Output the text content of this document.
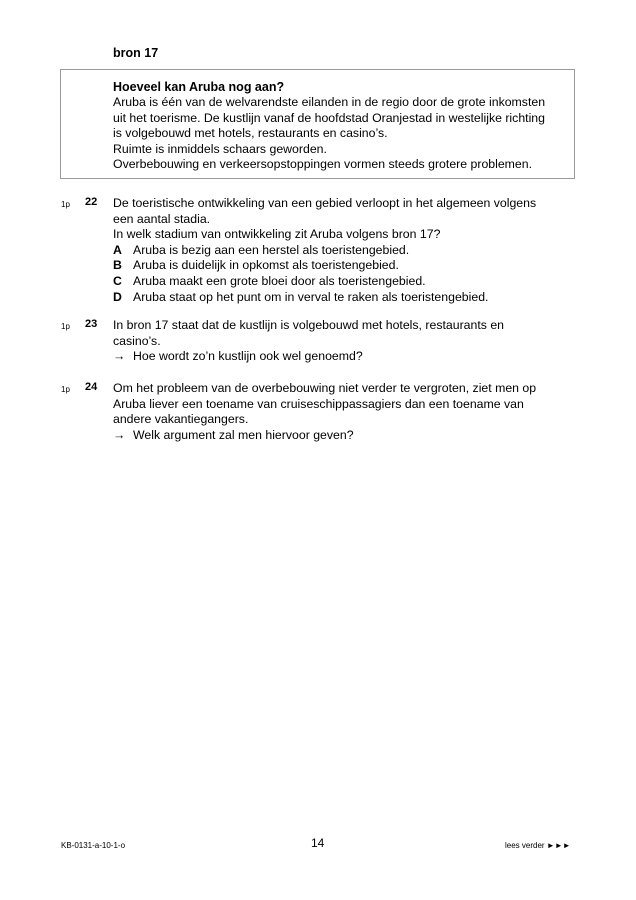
bron 17
Hoeveel kan Aruba nog aan?
Aruba is één van de welvarendste eilanden in de regio door de grote inkomsten
uit het toerisme. De kustlijn vanaf de hoofdstad Oranjestad in westelijke richting
is volgebouwd met hotels, restaurants en casino’s.
Ruimte is inmiddels schaars geworden.
Overbebouwing en verkeersopstoppingen vormen steeds grotere problemen.
1p 22 De toeristische ontwikkeling van een gebied verloopt in het algemeen volgens
een aantal stadia.
In welk stadium van ontwikkeling zit Aruba volgens bron 17?
A Aruba is bezig aan een herstel als toeristengebied.
B Aruba is duidelijk in opkomst als toeristengebied.
C Aruba maakt een grote bloei door als toeristengebied.
D Aruba staat op het punt om in verval te raken als toeristengebied.
1p 23 In bron 17 staat dat de kustlijn is volgebouwd met hotels, restaurants en
casino’s.
→ Hoe wordt zo’n kustlijn ook wel genoemd?
1p 24 Om het probleem van de overbebouwing niet verder te vergroten, ziet men op
Aruba liever een toename van cruiseschippassagiers dan een toename van
andere vakantiegangers.
→ Welk argument zal men hiervoor geven?
KB-0131-a-10-1-o	14	lees verder ►►►
